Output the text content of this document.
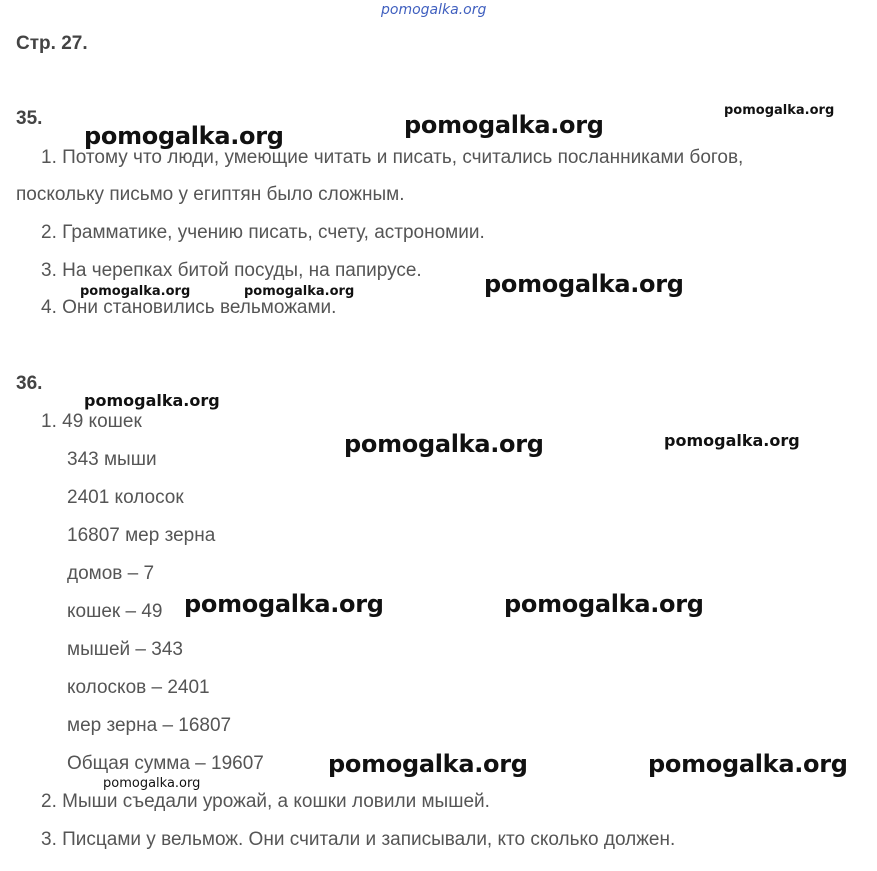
pomogalka.org
Стр. 27.
35.
1. Потому что люди, умеющие читать и писать, считались посланниками богов,
поскольку письмо у египтян было сложным.
2. Грамматике, учению писать, счету, астрономии.
3. На черепках битой посуды, на папирусе.
4. Они становились вельможами.
36.
1. 49 кошек
343 мыши
2401 колосок
16807 мер зерна
домов – 7
кошек – 49
мышей – 343
колосков – 2401
мер зерна – 16807
Общая сумма – 19607
2. Мыши съедали урожай, а кошки ловили мышей.
3. Писцами у вельмож. Они считали и записывали, кто сколько должен.
pomogalka.org	pomogalka.org
pomogalka.org
pomogalka.org
pomogalka.org	pomogalka.org
pomogalka.org	pomogalka.org
pomogalka.org
pomogalka.org	pomogalka.org
pomogalka.org
pomogalka.org
pomogalka.org
